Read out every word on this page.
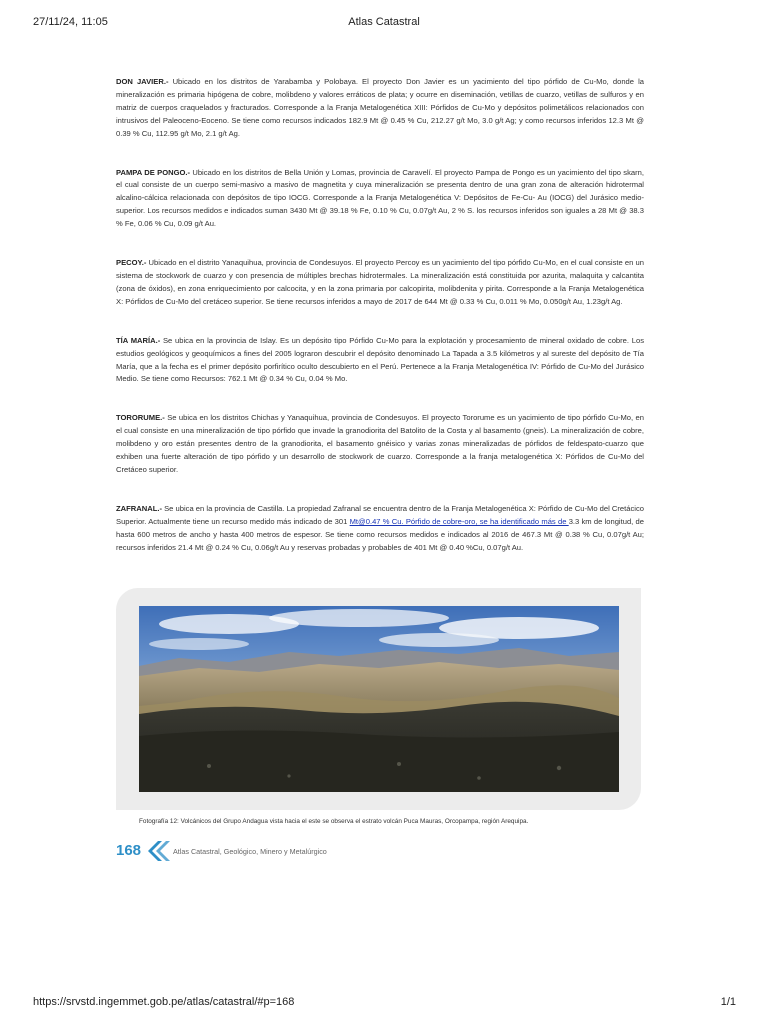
27/11/24, 11:05	Atlas Catastral

DON JAVIER.- Ubicado en los distritos de Yarabamba y Polobaya. El proyecto Don Javier es un yacimiento del tipo pórfido de Cu-Mo, donde la mineralización es primaria hipógena de cobre, molibdeno y valores erráticos de plata; y ocurre en diseminación, vetillas de cuarzo, vetillas de sulfuros y en matriz de cuerpos craquelados y fracturados. Corresponde a la Franja Metalogenética XIII: Pórfidos de Cu-Mo y depósitos polimetálicos relacionados con intrusivos del Paleoceno-Eoceno. Se tiene como recursos indicados 182.9 Mt @ 0.45 % Cu, 212.27 g/t Mo, 3.0 g/t Ag; y como recursos inferidos 12.3 Mt @ 0.39 % Cu, 112.95 g/t Mo, 2.1 g/t Ag.

PAMPA DE PONGO.- Ubicado en los distritos de Bella Unión y Lomas, provincia de Caravelí. El proyecto Pampa de Pongo es un yacimiento del tipo skarn, el cual consiste de un cuerpo semi-masivo a masivo de magnetita y cuya mineralización se presenta dentro de una gran zona de alteración hidrotermal alcalino-cálcica relacionada con depósitos de tipo IOCG. Corresponde a la Franja Metalogenética V: Depósitos de Fe-Cu- Au (IOCG) del Jurásico medio-superior. Los recursos medidos e indicados suman 3430 Mt @ 39.18 % Fe, 0.10 % Cu, 0.07g/t Au, 2 % S. los recursos inferidos son iguales a 28 Mt @ 38.3 % Fe, 0.06 % Cu, 0.09 g/t Au.

PECOY.- Ubicado en el distrito Yanaquihua, provincia de Condesuyos. El proyecto Percoy es un yacimiento del tipo pórfido Cu-Mo, en el cual consiste en un sistema de stockwork de cuarzo y con presencia de múltiples brechas hidrotermales. La mineralización está constituida por azurita, malaquita y calcantita (zona de óxidos), en zona enriquecimiento por calcocita, y en la zona primaria por calcopirita, molibdenita y pirita. Corresponde a la Franja Metalogenética X: Pórfidos de Cu-Mo del cretáceo superior. Se tiene recursos inferidos a mayo de 2017 de 644 Mt @ 0.33 % Cu, 0.011 % Mo, 0.050g/t Au, 1.23g/t Ag.

TÍA MARÍA.- Se ubica en la provincia de Islay. Es un depósito tipo Pórfido Cu-Mo para la explotación y procesamiento de mineral oxidado de cobre. Los estudios geológicos y geoquímicos a fines del 2005 lograron descubrir el depósito denominado La Tapada a 3.5 kilómetros y al sureste del depósito de Tía María, que a la fecha es el primer depósito porfirítico oculto descubierto en el Perú. Pertenece a la Franja Metalogenética IV: Pórfido de Cu-Mo del Jurásico Medio. Se tiene como Recursos: 762.1 Mt @ 0.34 % Cu, 0.04 % Mo.

TORORUME.- Se ubica en los distritos Chichas y Yanaquihua, provincia de Condesuyos. El proyecto Tororume es un yacimiento de tipo pórfido Cu-Mo, en el cual consiste en una mineralización de tipo pórfido que invade la granodiorita del Batolito de la Costa y al basamento (gneis). La mineralización de cobre, molibdeno y oro están presentes dentro de la granodiorita, el basamento gnéisico y varias zonas mineralizadas de pórfidos de feldespato-cuarzo que exhiben una fuerte alteración de tipo pórfido y un desarrollo de stockwork de cuarzo. Corresponde a la franja metalogenética X: Pórfidos de Cu-Mo del Cretáceo superior.

ZAFRANAL.- Se ubica en la provincia de Castilla. La propiedad Zafranal se encuentra dentro de la Franja Metalogenética X: Pórfido de Cu-Mo del Cretácico Superior. Actualmente tiene un recurso medido más indicado de 301 Mt@0.47 % Cu. Pórfido de cobre-oro, se ha identificado más de 3.3 km de longitud, de hasta 600 metros de ancho y hasta 400 metros de espesor. Se tiene como recursos medidos e indicados al 2016 de 467.3 Mt @ 0.38 % Cu, 0.07g/t Au; recursos inferidos 21.4 Mt @ 0.24 % Cu, 0.06g/t Au y reservas probadas y probables de 401 Mt @ 0.40 %Cu, 0.07g/t Au.

Fotografía 12: Volcánicos del Grupo Andagua vista hacia el este se observa el estrato volcán Puca Mauras, Orcopampa, región Arequipa.
168	Atlas Catastral, Geológico, Minero y Metalúrgico
https://srvstd.ingemmet.gob.pe/atlas/catastral/#p=168	1/1
